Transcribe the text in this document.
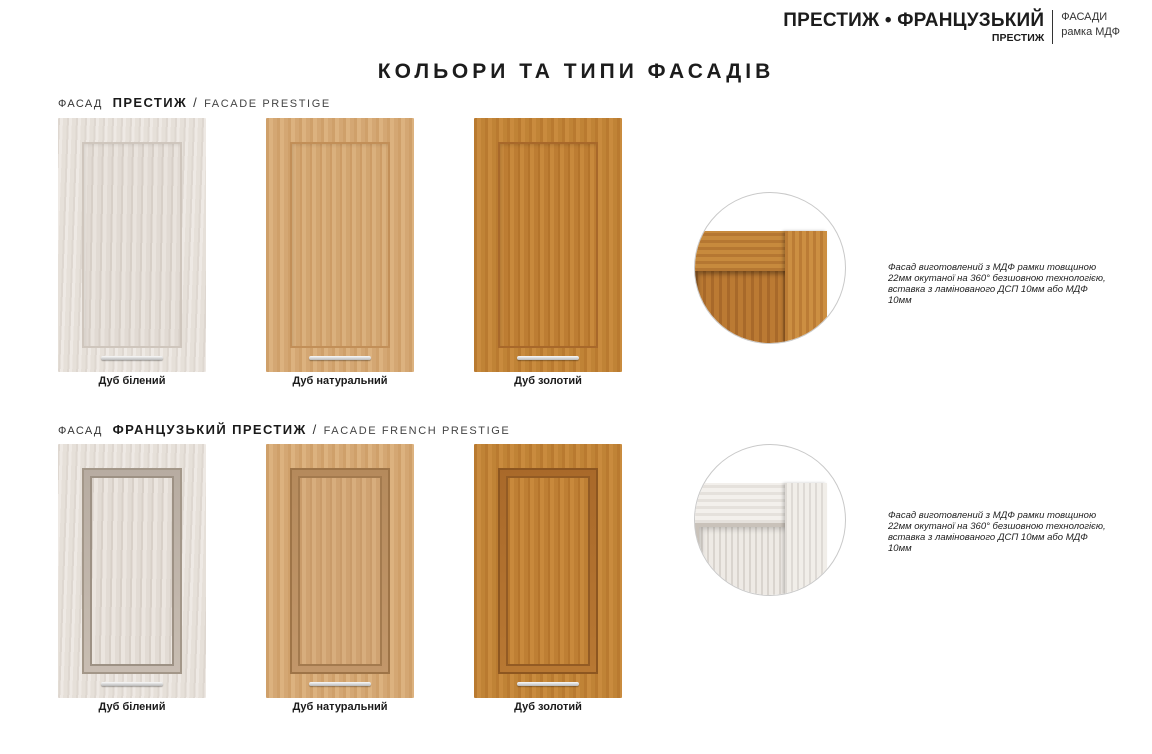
ПРЕСТИЖ • ФРАНЦУЗЬКИЙ
ПРЕСТИЖ
ФАСАДИ
рамка МДФ
КОЛЬОРИ ТА ТИПИ ФАСАДІВ
ФАСАД ПРЕСТИЖ / FACADE PRESTIGE
Дуб білений	Дуб натуральний	Дуб золотий
Фасад виготовлений з МДФ рамки товщиною
22мм окутаної на 360° безшовною технологією, вставка з ламінованого ДСП 10мм або МДФ 10мм
ФАСАД ФРАНЦУЗЬКИЙ ПРЕСТИЖ / FACADE FRENCH PRESTIGE
Дуб білений	Дуб натуральний	Дуб золотий
Фасад виготовлений з МДФ рамки товщиною
22мм окутаної на 360° безшовною технологією, вставка з ламінованого ДСП 10мм або МДФ 10мм
